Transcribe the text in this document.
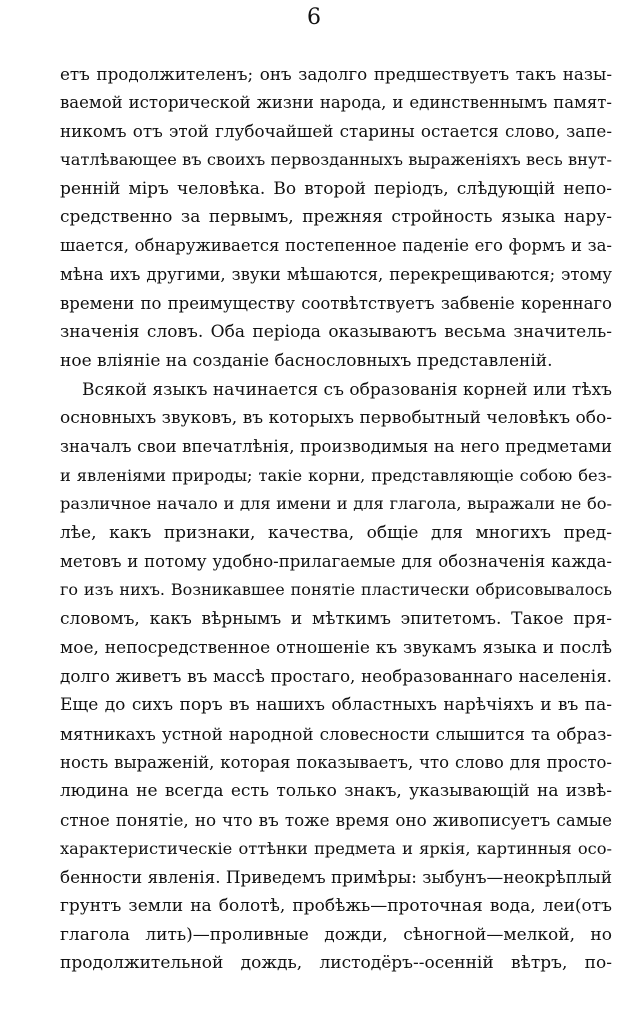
6
етъ продолжителенъ; онъ задолго предшествуетъ такъ назы-
ваемой исторической жизни народа, и единственнымъ памят-
никомъ отъ этой глубочайшей старины остается слово, запе-
чатлѣвающее въ своихъ первозданныхъ выраженіяхъ весь внут-
ренній міръ человѣка. Во второй періодъ, слѣдующій непо-
средственно за первымъ, прежняя стройность языка нару-
шается, обнаруживается постепенное паденіе его формъ и за-
мѣна ихъ другими, звуки мѣшаются, перекрещиваются; этому
времени по преимуществу соотвѣтствуетъ забвеніе кореннаго
значенія словъ. Оба періода оказываютъ весьма значитель-
ное вліяніе на созданіе баснословныхъ представленій.
Всякой языкъ начинается съ образованія корней или тѣхъ
основныхъ звуковъ, въ которыхъ первобытный человѣкъ обо-
значалъ свои впечатлѣнія, производимыя на него предметами
и явленіями природы; такіе корни, представляющіе собою без-
различное начало и для имени и для глагола, выражали не бо-
лѣе, какъ признаки, качества, общіе для многихъ пред-
метовъ и потому удобно-прилагаемые для обозначенія кажда-
го изъ нихъ. Возникавшее понятіе пластически обрисовывалось
словомъ, какъ вѣрнымъ и мѣткимъ эпитетомъ. Такое пря-
мое, непосредственное отношеніе къ звукамъ языка и послѣ
долго живетъ въ массѣ простаго, необразованнаго населенія.
Еще до сихъ поръ въ нашихъ областныхъ нарѣчіяхъ и въ па-
мятникахъ устной народной словесности слышится та образ-
ность выраженій, которая показываетъ, что слово для просто-
людина не всегда есть только знакъ, указывающій на извѣ-
стное понятіе, но что въ тоже время оно живописуетъ самые
характеристическіе оттѣнки предмета и яркія, картинныя осо-
бенности явленія. Приведемъ примѣры: зыбунъ—неокрѣплый
грунтъ земли на болотѣ, пробѣжь—проточная вода, леи(отъ
глагола лить)—проливные дожди, сѣногной—мелкой, но
продолжительной дождь, листодёръ--осенній вѣтръ, по-
